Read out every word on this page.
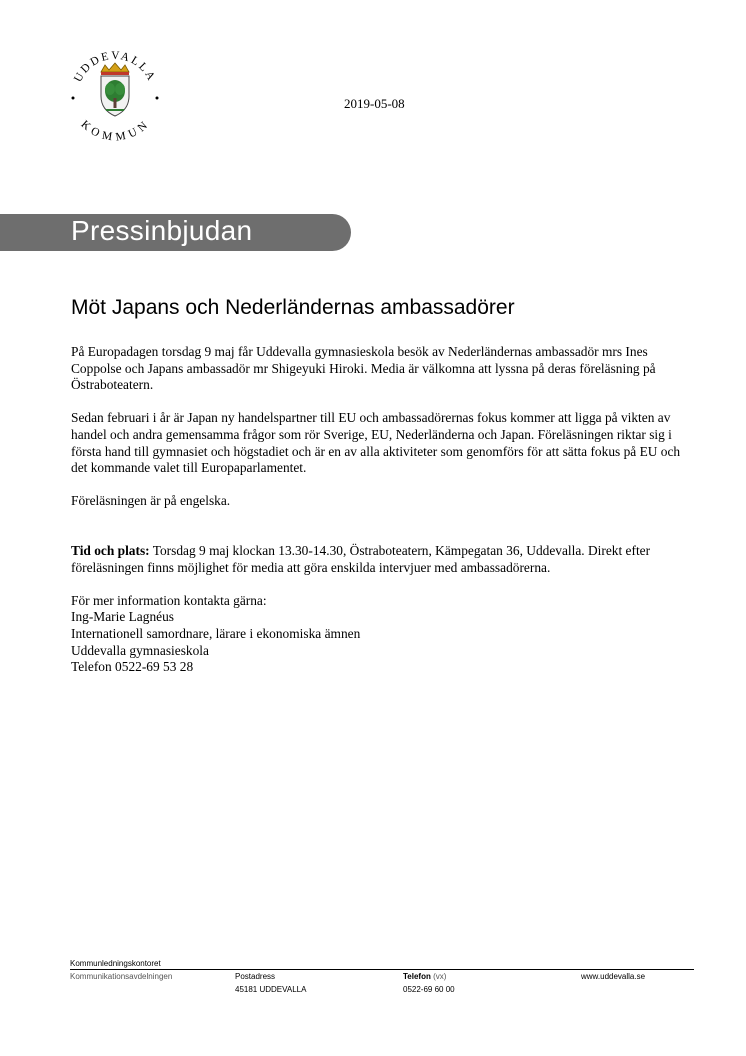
UDDEVALLA
KOMMUN
2019-05-08
Pressinbjudan
Möt Japans och Nederländernas ambassadörer

På Europadagen torsdag 9 maj får Uddevalla gymnasieskola besök av Nederländernas ambassadör mrs Ines Coppolse och Japans ambassadör mr Shigeyuki Hiroki. Media är välkomna att lyssna på deras föreläsning på Östraboteatern.

Sedan februari i år är Japan ny handelspartner till EU och ambassadörernas fokus kommer att ligga på vikten av handel och andra gemensamma frågor som rör Sverige, EU, Nederländerna och Japan. Föreläsningen riktar sig i första hand till gymnasiet och högstadiet och är en av alla aktiviteter som genomförs för att sätta fokus på EU och det kommande valet till Europaparlamentet.

Föreläsningen är på engelska.

Tid och plats: Torsdag 9 maj klockan 13.30-14.30, Östraboteatern, Kämpegatan 36, Uddevalla. Direkt efter föreläsningen finns möjlighet för media att göra enskilda intervjuer med ambassadörerna.

För mer information kontakta gärna:
Ing-Marie Lagnéus
Internationell samordnare, lärare i ekonomiska ämnen
Uddevalla gymnasieskola
Telefon 0522-69 53 28

Kommunledningskontoret
Kommunikationsavdelningen	Postadress
45181 UDDEVALLA
Telefon (vx)
0522-69 60 00
www.uddevalla.se
